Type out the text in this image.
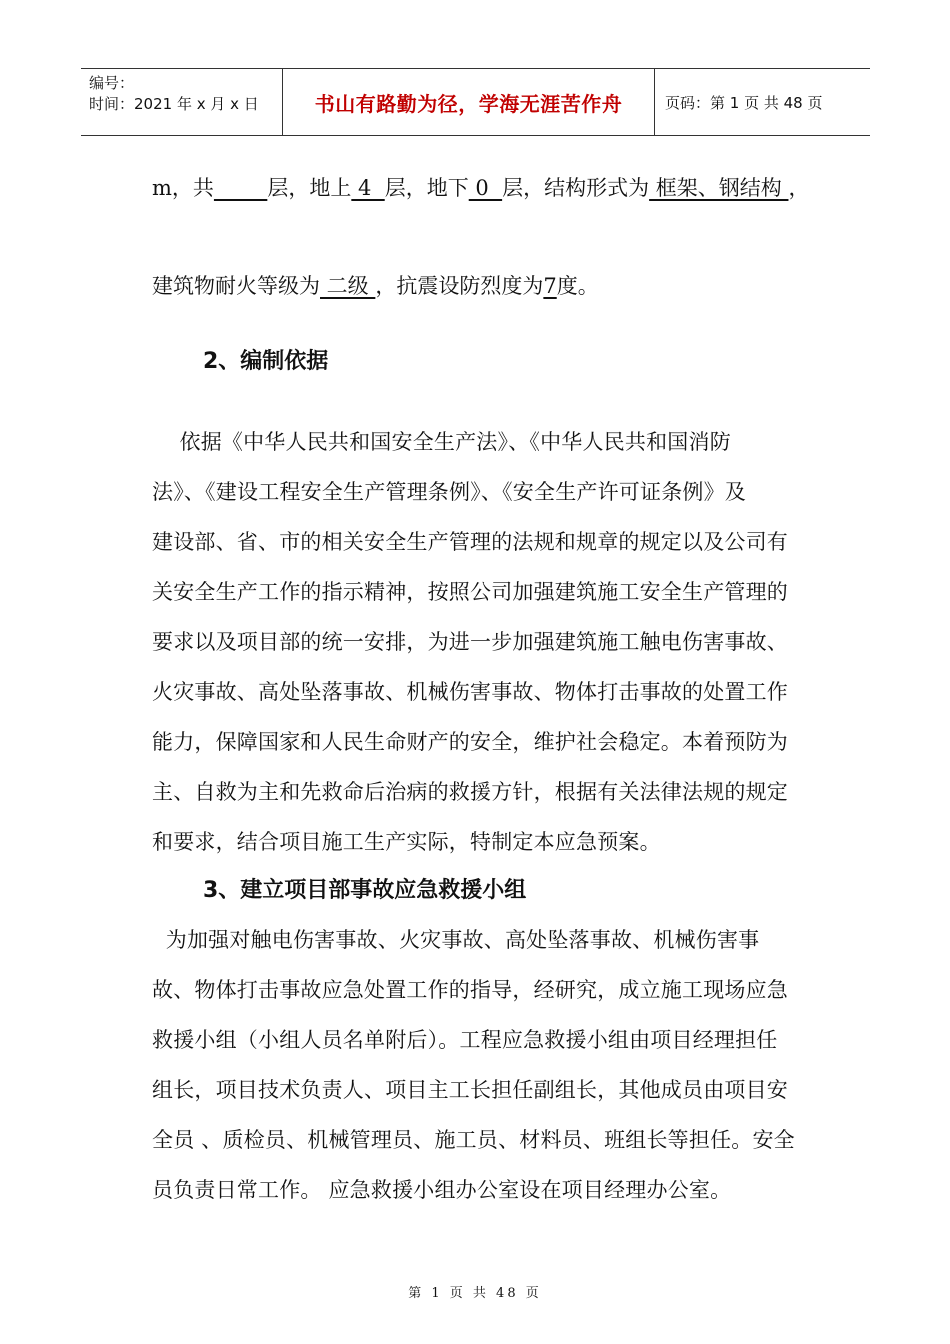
编号：
时间：2021 年 x 月 x 日	书山有路勤为径，学海无涯苦作舟	页码：第 1 页 共 48 页
m，共	层，地上 4  层，地下 0  层，结构形式为 框架、钢结构 ，
建筑物耐火等级为 二级 ，抗震设防烈度为7度。
2、编制依据
依据《中华人民共和国安全生产法》、《中华人民共和国消防
法》、《建设工程安全生产管理条例》、《安全生产许可证条例》及
建设部、省、市的相关安全生产管理的法规和规章的规定以及公司有
关安全生产工作的指示精神，按照公司加强建筑施工安全生产管理的
要求以及项目部的统一安排，为进一步加强建筑施工触电伤害事故、
火灾事故、高处坠落事故、机械伤害事故、物体打击事故的处置工作
能力，保障国家和人民生命财产的安全，维护社会稳定。本着预防为
主、自救为主和先救命后治病的救援方针，根据有关法律法规的规定
和要求，结合项目施工生产实际，特制定本应急预案。
3、建立项目部事故应急救援小组
为加强对触电伤害事故、火灾事故、高处坠落事故、机械伤害事
故、物体打击事故应急处置工作的指导，经研究，成立施工现场应急
救援小组（小组人员名单附后）。工程应急救援小组由项目经理担任
组长，项目技术负责人、项目主工长担任副组长，其他成员由项目安
全员 、质检员、机械管理员、施工员、材料员、班组长等担任。安全
员负责日常工作。 应急救援小组办公室设在项目经理办公室。
第 1 页 共 48 页
